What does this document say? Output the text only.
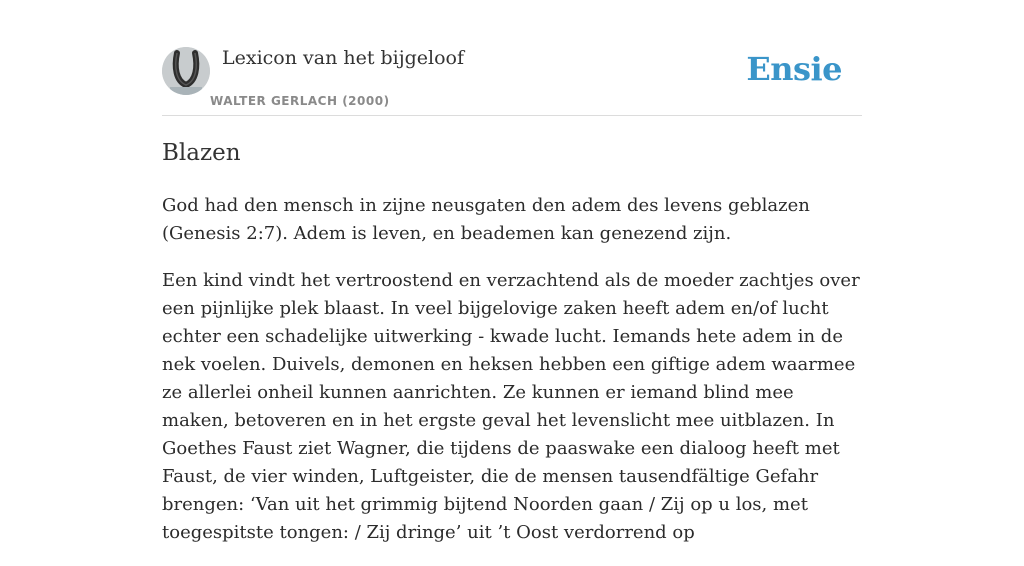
Lexicon van het bijgeloof
WALTER GERLACH (2000)
Ensie
Blazen

God had den mensch in zijne neusgaten den adem des levens geblazen (Genesis 2:7). Adem is leven, en beademen kan genezend zijn.

Een kind vindt het vertroostend en verzachtend als de moeder zachtjes over een pijnlijke plek blaast. In veel bijgelovige zaken heeft adem en/of lucht echter een schadelijke uitwerking - kwade lucht. Iemands hete adem in de nek voelen. Duivels, demonen en heksen hebben een giftige adem waarmee ze allerlei onheil kunnen aanrichten. Ze kunnen er iemand blind mee maken, betoveren en in het ergste geval het levenslicht mee uitblazen. In Goethes Faust ziet Wagner, die tijdens de paaswake een dialoog heeft met Faust, de vier winden, Luftgeister, die de mensen tausendfältige Gefahr brengen: ‘Van uit het grimmig bijtend Noorden gaan / Zij op u los, met toegespitste tongen: / Zij dringe’ uit ’t Oost verdorrend op
